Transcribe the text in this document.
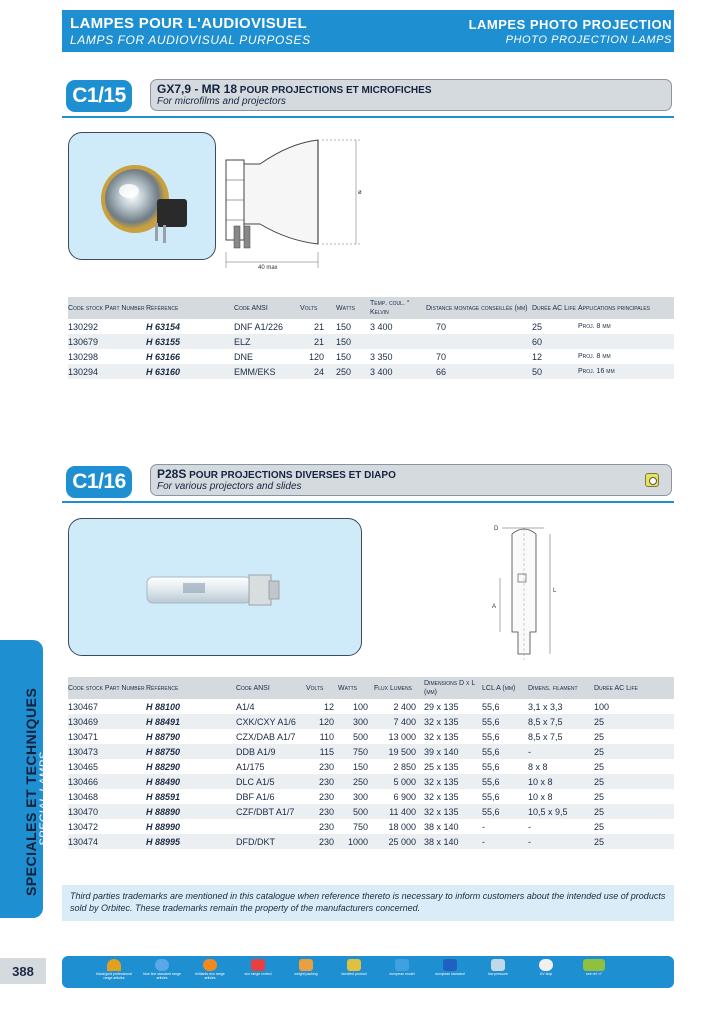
LAMPES POUR L'AUDIOVISUEL
LAMPS FOR AUDIOVISUAL PURPOSES
LAMPES PHOTO PROJECTION
PHOTO PROJECTION LAMPS
C1/15	GX7,9 - MR 18 POUR PROJECTIONS ET MICROFICHES
For microfilms and projectors
ø
40 max
Code stock Part Number	Référence	Code ANSI	Volts	Watts	Temp. coul. ° Kelvin	Distance montage conseillée (mm)	Durée AC Life	Applications principales
130292	H 63154	DNF A1/226	21	150	3 400	70	25	Proj. 8 mm
130679	H 63155	ELZ	21	150			60	
130298	H 63166	DNE	120	150	3 350	70	12	Proj. 8 mm
130294	H 63160	EMM/EKS	24	250	3 400	66	50	Proj. 16 mm
C1/16	P28S POUR PROJECTIONS DIVERSES ET DIAPO
For various projectors and slides
D
L
A
Code stock Part Number	Référence	Code ANSI	Volts	Watts	Flux Lumens	Dimensions D x L (mm)	LCL A (mm)	Dimens. filament	Durée AC Life
130467	H 88100	A1/4	12	100	2 400	29 x 135	55,6	3,1 x 3,3	100
130469	H 88491	CXK/CXY A1/6	120	300	7 400	32 x 135	55,6	8,5 x 7,5	25
130471	H 88790	CZX/DAB A1/7	110	500	13 000	32 x 135	55,6	8,5 x 7,5	25
130473	H 88750	DDB A1/9	115	750	19 500	39 x 140	55,6	-	25
130465	H 88290	A1/175	230	150	2 850	25 x 135	55,6	8 x 8	25
130466	H 88490	DLC A1/5	230	250	5 000	32 x 135	55,6	10 x 8	25
130468	H 88591	DBF A1/6	230	300	6 900	32 x 135	55,6	10 x 8	25
130470	H 88890	CZF/DBT A1/7	230	500	11 400	32 x 135	55,6	10,5 x 9,5	25
130472	H 88990		230	750	18 000	38 x 140	-	-	25
130474	H 88995	DFD/DKT	230	1000	25 000	38 x 140	-	-	25
SPECIALES ET TECHNIQUES SPECIAL LAMPS
Third parties trademarks are mentioned in this catalogue when reference thereto is necessary to inform customers about the intended use of products sold by Orbitec. These trademarks remain the property of the manufacturers concerned.
388	black/gold professional range articles
blue line standard range articles
brilliants eco range articles
eco range control	weight packing	bundled product	european model	european standard	low pressure	UV stop	see ref. n°
